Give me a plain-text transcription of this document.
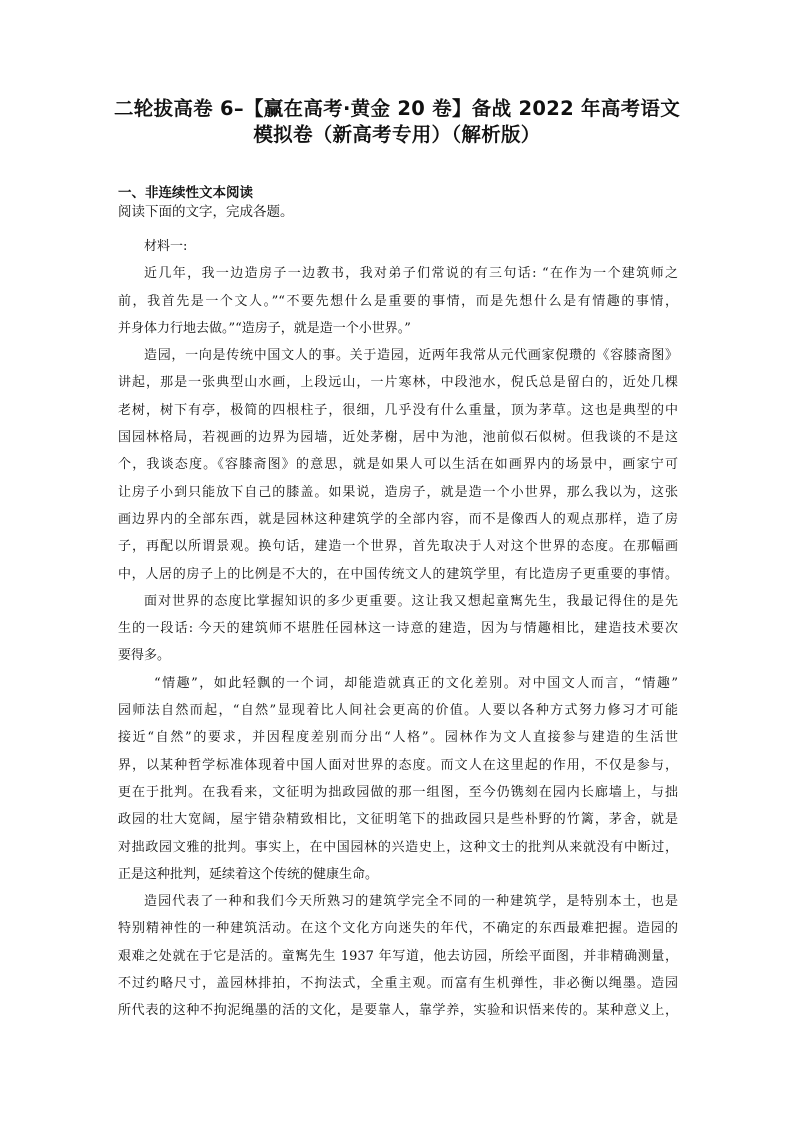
二轮拔高卷 6–【赢在高考·黄金 20 卷】备战 2022 年高考语文
模拟卷（新高考专用）（解析版）
一、非连续性文本阅读
阅读下面的文字，完成各题。
材料一:
近几年，我一边造房子一边教书，我对弟子们常说的有三句话: “在作为一个建筑师之
前，我首先是一个文人。”“不要先想什么是重要的事情，而是先想什么是有情趣的事情，
并身体力行地去做。”“造房子，就是造一个小世界。”
造园，一向是传统中国文人的事。关于造园，近两年我常从元代画家倪瓒的《容膝斋图》
讲起，那是一张典型山水画，上段远山，一片寒林，中段池水，倪氏总是留白的，近处几棵
老树，树下有亭，极简的四根柱子，很细，几乎没有什么重量，顶为茅草。这也是典型的中
国园林格局，若视画的边界为园墙，近处茅榭，居中为池，池前似石似树。但我谈的不是这
个，我谈态度。《容膝斋图》的意思，就是如果人可以生活在如画界内的场景中，画家宁可
让房子小到只能放下自己的膝盖。如果说，造房子，就是造一个小世界，那么我以为，这张
画边界内的全部东西，就是园林这种建筑学的全部内容，而不是像西人的观点那样，造了房
子，再配以所谓景观。换句话，建造一个世界，首先取决于人对这个世界的态度。在那幅画
中，人居的房子上的比例是不大的，在中国传统文人的建筑学里，有比造房子更重要的事情。
面对世界的态度比掌握知识的多少更重要。这让我又想起童寯先生，我最记得住的是先
生的一段话: 今天的建筑师不堪胜任园林这一诗意的建造，因为与情趣相比，建造技术要次
要得多。
“情趣”，如此轻飘的一个词，却能造就真正的文化差别。对中国文人而言，“情趣”
园师法自然而起，“自然”显现着比人间社会更高的价值。人要以各种方式努力修习才可能
接近“自然”的要求，并因程度差别而分出“人格”。园林作为文人直接参与建造的生活世
界，以某种哲学标准体现着中国人面对世界的态度。而文人在这里起的作用，不仅是参与，
更在于批判。在我看来，文征明为拙政园做的那一组图，至今仍镌刻在园内长廊墙上，与拙
政园的壮大宽阔，屋宇错杂精致相比，文征明笔下的拙政园只是些朴野的竹篱，茅舍，就是
对拙政园文雅的批判。事实上，在中国园林的兴造史上，这种文士的批判从来就没有中断过，
正是这种批判，延续着这个传统的健康生命。
造园代表了一种和我们今天所熟习的建筑学完全不同的一种建筑学，是特别本土，也是
特别精神性的一种建筑活动。在这个文化方向迷失的年代，不确定的东西最难把握。造园的
艰难之处就在于它是活的。童寯先生 1937 年写道，他去访园，所绘平面图，并非精确测量，
不过约略尺寸，盖园林排拍，不拘法式，全重主观。而富有生机弹性，非必衡以绳墨。造园
所代表的这种不拘泥绳墨的活的文化，是要靠人，靠学养，实验和识悟来传的。某种意义上，
